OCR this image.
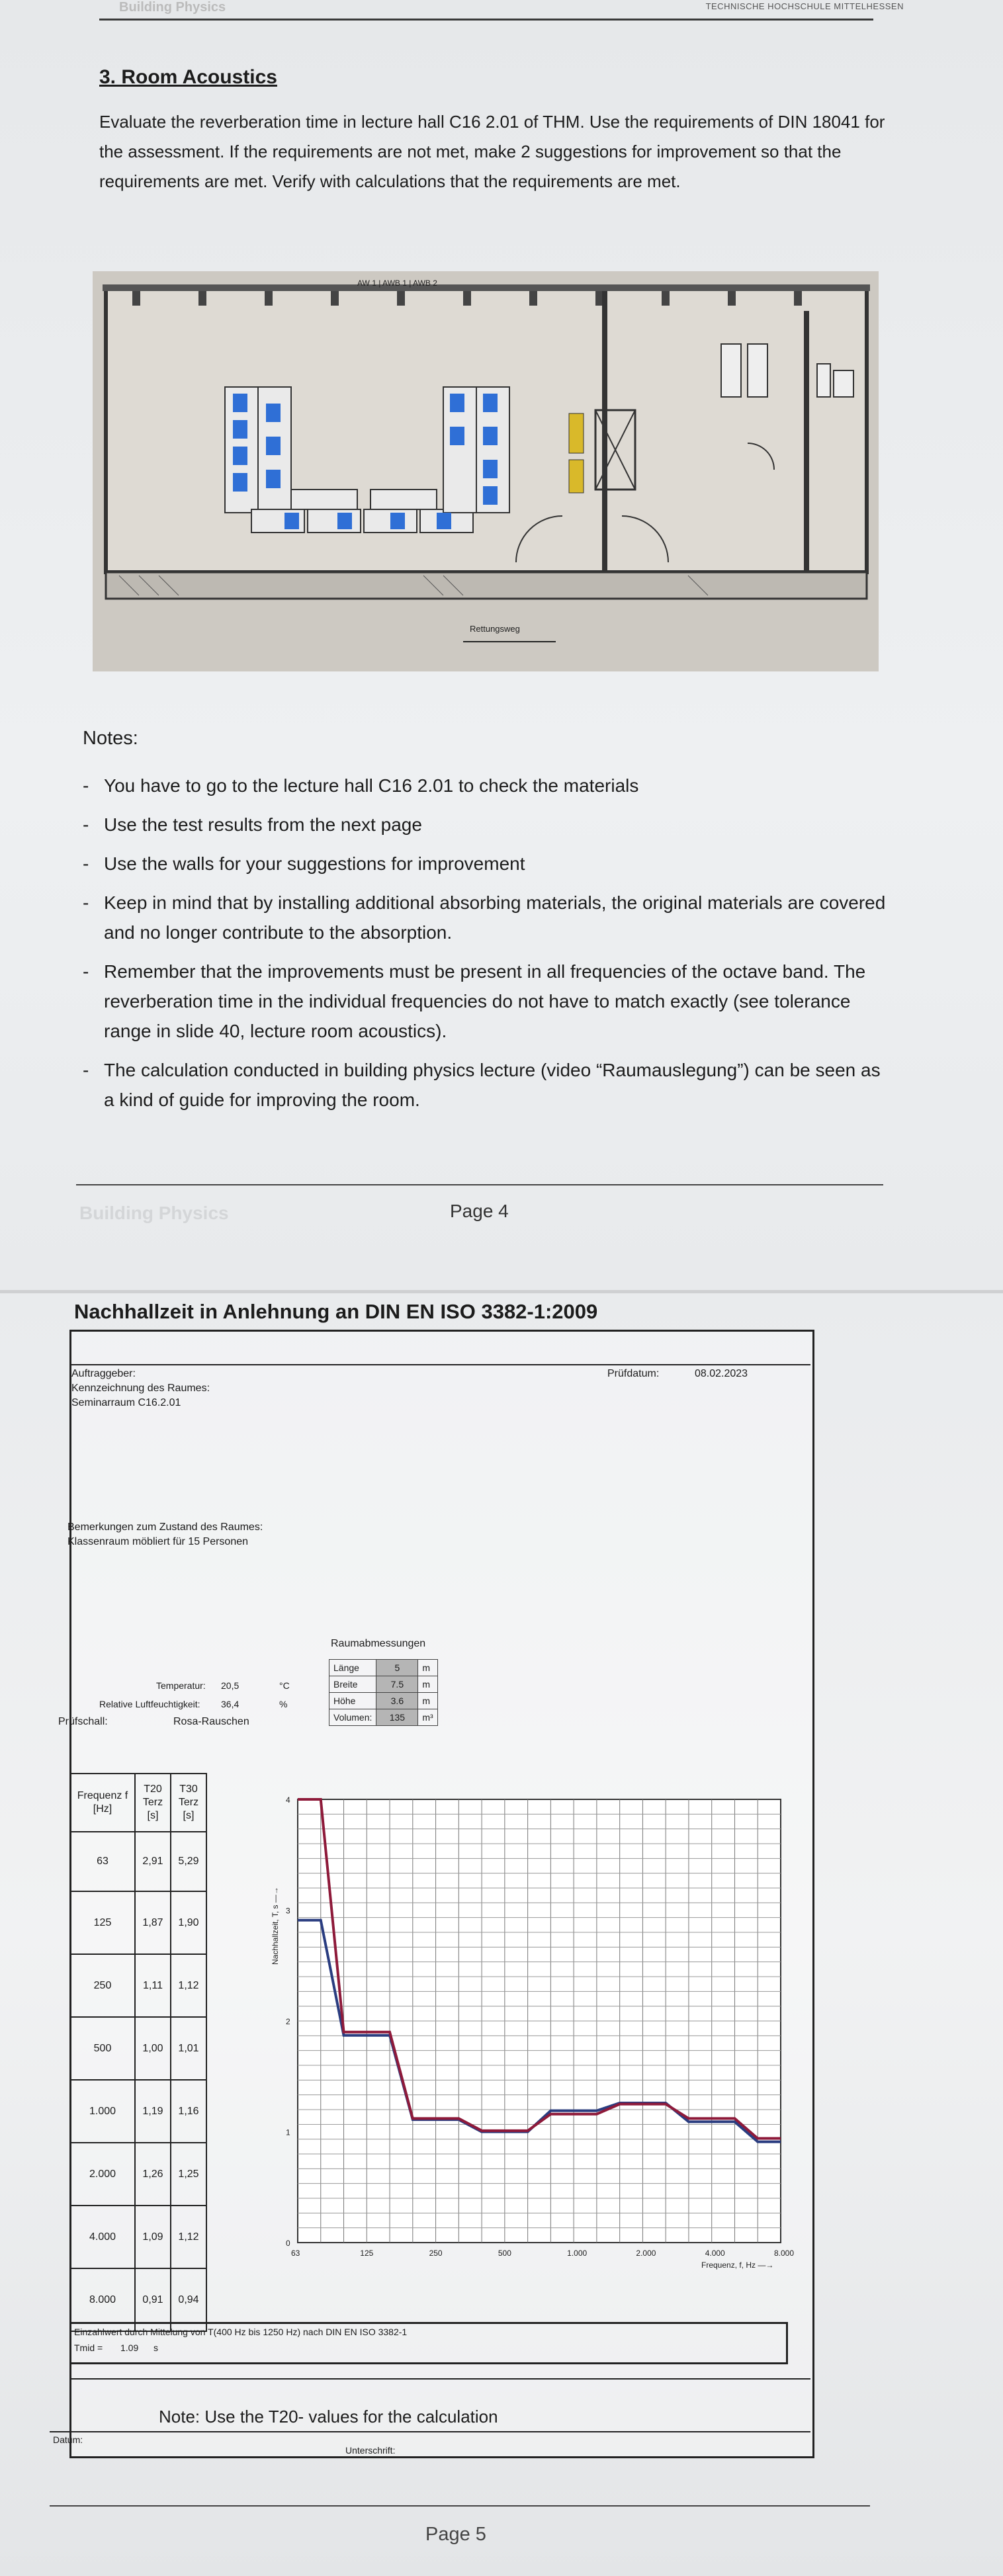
Building Physics	TECHNISCHE HOCHSCHULE MITTELHESSEN
3. Room Acoustics
Evaluate the reverberation time in lecture hall C16 2.01 of THM. Use the requirements of DIN 18041 for the assessment. If the requirements are not met, make 2 suggestions for improvement so that the requirements are met. Verify with calculations that the requirements are met.
AW 1 | AWB 1 | AWB 2
Rettungsweg
Notes:
- You have to go to the lecture hall C16 2.01 to check the materials
- Use the test results from the next page
- Use the walls for your suggestions for improvement
- Keep in mind that by installing additional absorbing materials, the original materials are covered and no longer contribute to the absorption.
- Remember that the improvements must be present in all frequencies of the octave band. The reverberation time in the individual frequencies do not have to match exactly (see tolerance range in slide 40, lecture room acoustics).
- The calculation conducted in building physics lecture (video “Raumauslegung”) can be seen as a kind of guide for improving the room.
Building Physics	Page 4
Nachhallzeit in Anlehnung an DIN EN ISO 3382-1:2009
Auftraggeber:
Kennzeichnung des Raumes:
Seminarraum C16.2.01
Prüfdatum:	08.02.2023
Bemerkungen zum Zustand des Raumes:
Klassenraum möbliert für 15 Personen
Raumabmessungen
Länge	5	m
Breite	7.5	m
Höhe	3.6	m
Volumen:	135	m³
Temperatur: 20,5	°C
Relative Luftfeuchtigkeit: 36,4	%
Prüfschall:	Rosa-Rauschen
Frequenz f [Hz]	T20 Terz [s]	T30 Terz [s]
63	2,91	5,29
125	1,87	1,90
250	1,11	1,12
500	1,00	1,01
1.000	1,19	1,16
2.000	1,26	1,25
4.000	1,09	1,12
8.000	0,91	0,94
0
1
2
3
4
63	125	250	500	1.000	2.000	4.000	8.000
Frequenz, f, Hz —→
Nachhallzeit, T, s —→
Einzahlwert durch Mittelung von T(400 Hz bis 1250 Hz) nach DIN EN ISO 3382-1
Tmid = 1.09 s
Note: Use the T20- values for the calculation
Datum:
Unterschrift:
Page 5
